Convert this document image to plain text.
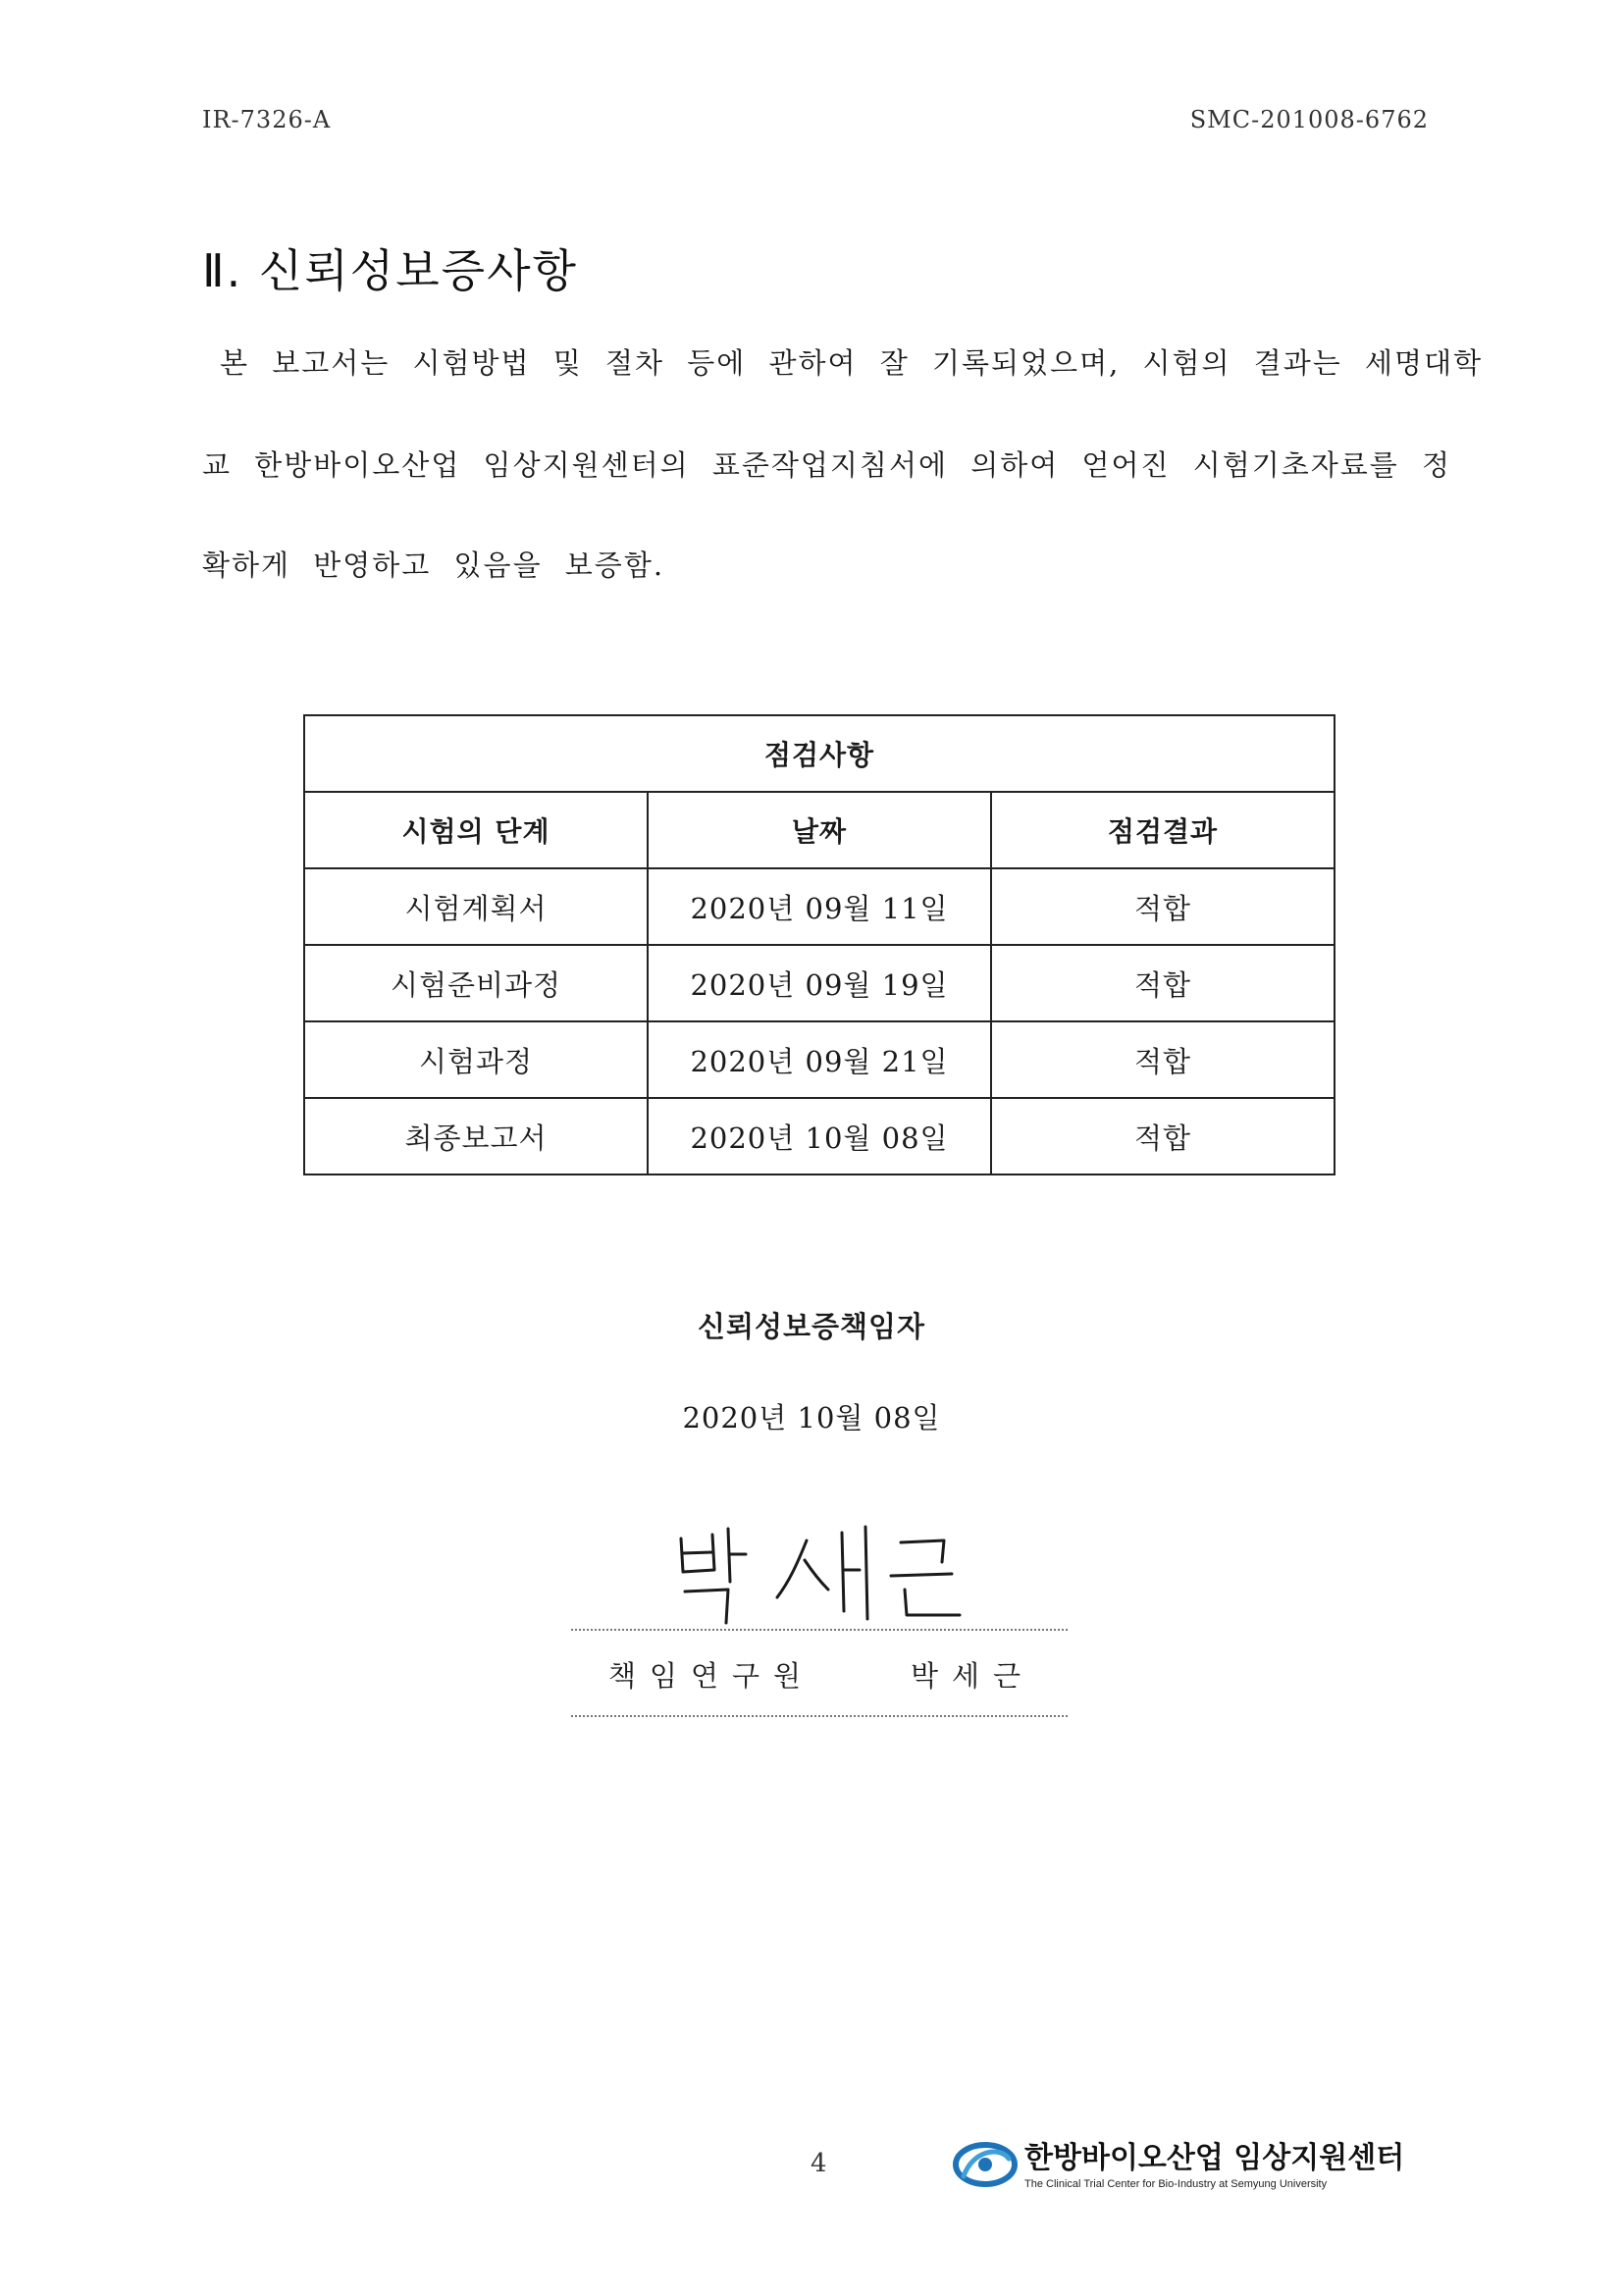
IR-7326-A	SMC-201008-6762
Ⅱ. 신뢰성보증사항
본 보고서는 시험방법 및 절차 등에 관하여 잘 기록되었으며, 시험의 결과는 세명대학
교 한방바이오산업 임상지원센터의 표준작업지침서에 의하여 얻어진 시험기초자료를 정
확하게 반영하고 있음을 보증함.
점검사항		
시험의 단계	날짜	점검결과
시험계획서	2020년 09월 11일	적합
시험준비과정	2020년 09월 19일	적합
시험과정	2020년 09월 21일	적합
최종보고서	2020년 10월 08일	적합
신뢰성보증책임자
2020년 10월 08일
책임연구원	박세근
4	한방바이오산업 임상지원센터
The Clinical Trial Center for Bio-Industry at Semyung University
